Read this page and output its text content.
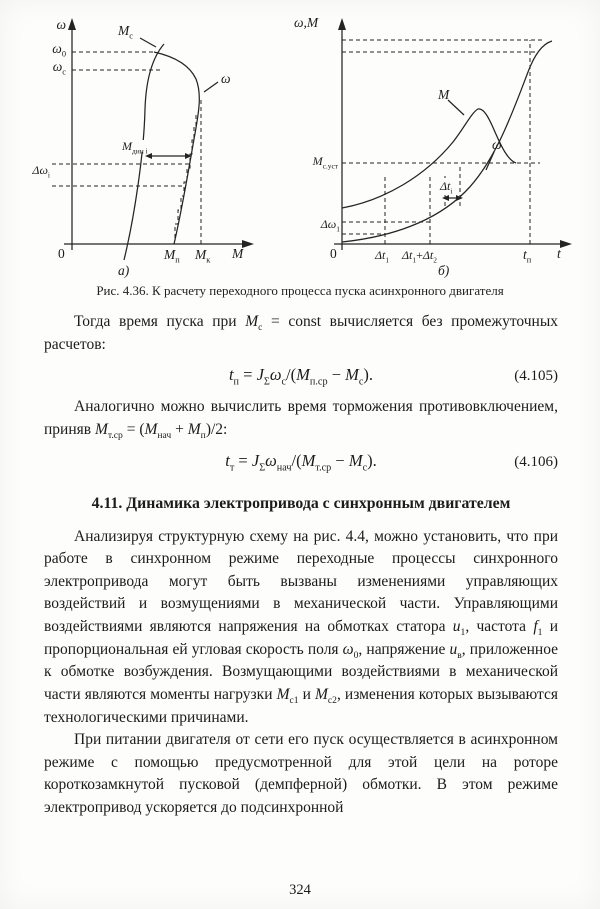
ω
$\omega_0$
$\omega_c$
$M_c$
ω
$M_{дин i}$
$\Delta\omega_i$
0	$M_п$ $M_к$ M
а)
ω,M
M
ω
$M_{с.уст}$
$\Delta\omega_1$
$\Delta t_i$
0	$\Delta t_1$ $\Delta t_1+\Delta t_2$	$t_п$ t
б)
Рис. 4.36. К расчету переходного процесса пуска асинхронного двигателя

Тогда время пуска при $M_c$ = const вычисляется без промежуточных расчетов:

$t_п = J_\Sigma\omega_c/(M_{п.ср} - M_c)$.	(4.105)

Аналогично можно вычислить время торможения противовключением, приняв $M_{т.ср} = (M_{нач} + M_п)/2$:

$t_т = J_\Sigma\omega_{нач}/(M_{т.ср} - M_c)$.	(4.106)
4.11. Динамика электропривода с синхронным двигателем

Анализируя структурную схему на рис. 4.4, можно установить, что при работе в синхронном режиме переходные процессы синхронного электропривода могут быть вызваны изменениями управляющих воздействий и возмущениями в механической части. Управляющими воздействиями являются напряжения на обмотках статора $u_1$, частота $f_1$ и пропорциональная ей угловая скорость поля $\omega_0$, напряжение $u_в$, приложенное к обмотке возбуждения. Возмущающими воздействиями в механической части являются моменты нагрузки $M_{с1}$ и $M_{с2}$, изменения которых вызываются технологическими причинами.

При питании двигателя от сети его пуск осуществляется в асинхронном режиме с помощью предусмотренной для этой цели на роторе короткозамкнутой пусковой (демпферной) обмотки. В этом режиме электропривод ускоряется до подсинхронной

324
